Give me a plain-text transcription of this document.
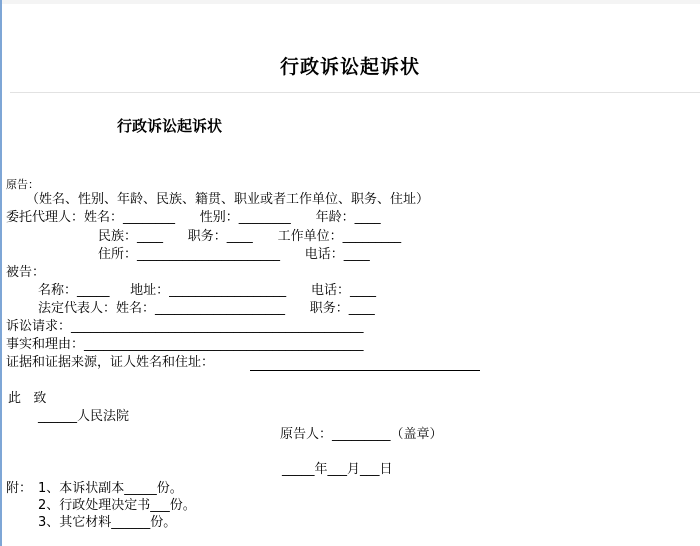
行政诉讼起诉状
行政诉讼起诉状
原告：
（姓名、性别、年龄、民族、籍贯、职业或者工作单位、职务、住址）
委托代理人：姓名：________      性别：________      年龄：____
民族：____      职务：____      工作单位：_________
住所：______________________      电话：____
被告：
名称：_____     地址：__________________      电话：____
法定代表人：姓名：____________________      职务：____
诉讼请求：_____________________________________________
事实和理由：___________________________________________
证据和证据来源，证人姓名和住址：
此   致
______人民法院
原告人：_________（盖章）
_____年___月___日
附： 1、本诉状副本_____份。
2、行政处理决定书___份。
3、其它材料______份。
